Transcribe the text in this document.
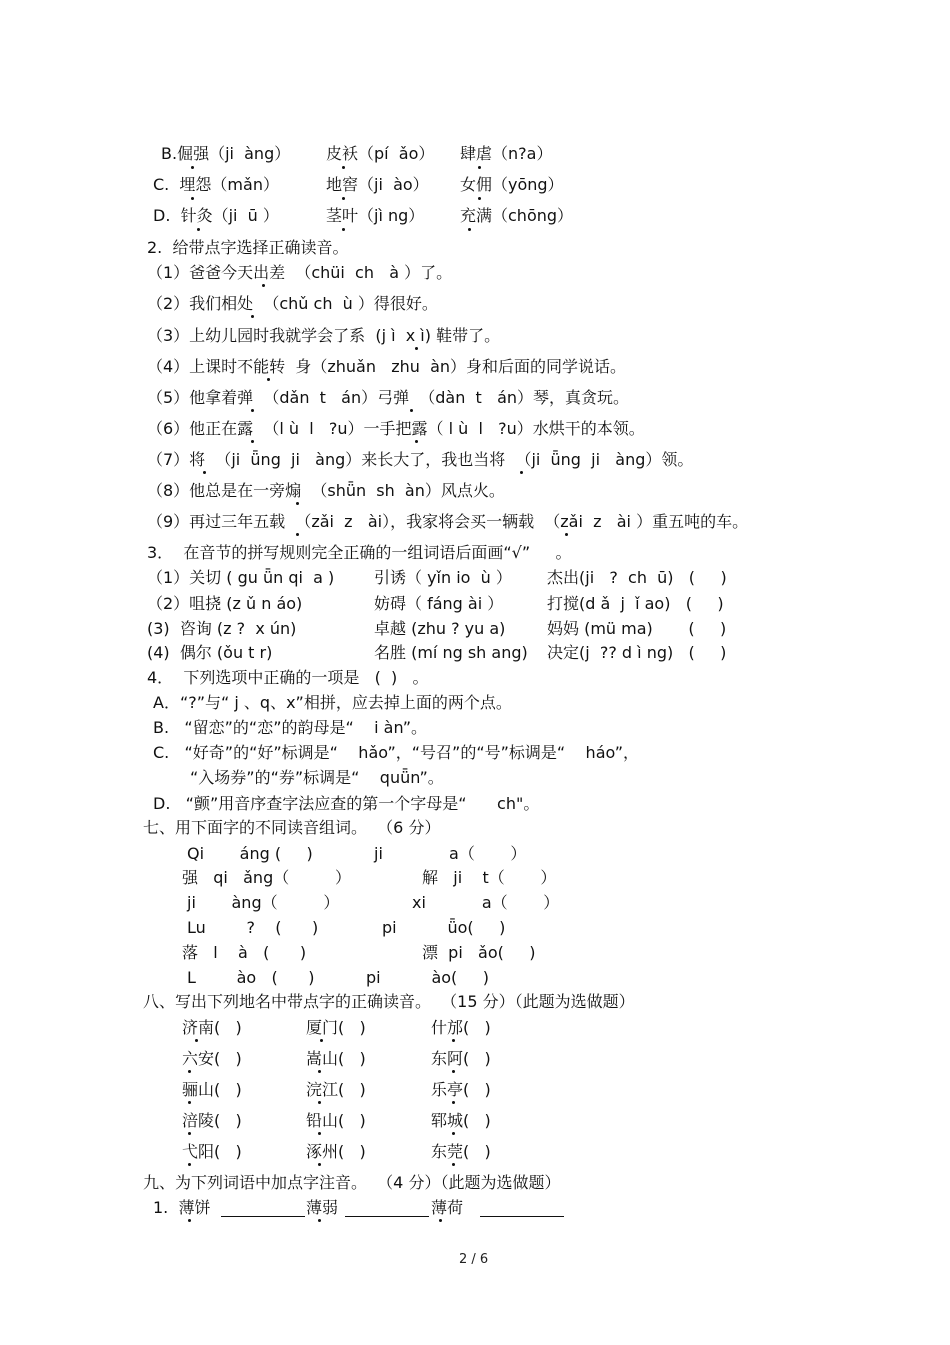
B.倔强（ji  àng） 皮袄（pí  ǎo） 肆虐（n?a）
C.  埋怨（mǎn）	地窖（ji  ào） 女佣（yōng）
D.  针灸（ji  ū ）	茎叶（jì ng） 充满（chōng）
2.  给带点字选择正确读音。
（1）爸爸今天出差  （chüi  ch   à ）了。
（2）我们相处  （chǔ ch  ù ）得很好。
（3）上幼儿园时我就学会了系  (j ì  x ì) 鞋带了。
（4）上课时不能转  身（zhuǎn   zhu  àn）身和后面的同学说话。
（5）他拿着弹  （dǎn  t   án）弓弹  （dàn  t   án）琴，真贪玩。
（6）他正在露  （l ù  l   ?u）一手把露（ l ù  l   ?u）水烘干的本领。
（7）将  （ji  ǖng  ji   àng）来长大了，我也当将  （ji  ǖng  ji   àng）领。
（8）他总是在一旁煽  （shǖn  sh  àn）风点火。
（9）再过三年五载  （zǎi  z   ài），我家将会买一辆载  （zǎi  z   ài ）重五吨的车。
3．  在音节的拼写规则完全正确的一组词语后面画“√”     。
（1）关切 ( gu ǖn qi  a ) 引诱（ yǐn io  ù ） 杰出(ji   ?  ch  ū)   (     )
（2）咀挠 (z ǔ n áo)	妨碍（ fáng ài ）	打搅(d ǎ  j  ǐ ao)   (     )
(3)  咨询 (z ?  x ún)	卓越 (zhu ? yu a)	妈妈 (mü ma)       (     )
(4)  偶尔 (ǒu t r)	名胜 (mí ng sh ang) 决定(j  ?? d ì ng)   (     )
4．  下列选项中正确的一项是   (  )   。
A．“?”与“ j 、q、x”相拼，应去掉上面的两个点。
B.   “留恋”的“恋”的韵母是“    i àn”。
C.   “好奇”的“好”标调是“    hǎo”，“号召”的“号”标调是“    háo”，
“入场券”的“券”标调是“    quǖn”。
D.   “颤”用音序查字法应查的第一个字母是“      ch"。
七、用下面字的不同读音组词。  （6 分）
Qi       áng (     )	ji             a（       ）
强   qi   ǎng（         ）	解   ji    t（       ）
ji       àng（         ）	xi           a（       ）
Lu        ?    (      )	pi          ǖo(     )
落   l    à   (      )	漂  pi   ǎo(     )
L        ào   (      )	pi          ào(     )
八、写出下列地名中带点字的正确读音。  （15 分）（此题为选做题）
济南(   )	厦门(   )	什邡(   )
六安(   )	嵩山(   )	东阿(   )
骊山(   )	浣江(   )	乐亭(   )
涪陵(   )	铅山(   )	郓城(   )
弋阳(   )	涿州(   )	东莞(   )
九、为下列词语中加点字注音。  （4 分）（此题为选做题）
1.  薄饼	薄弱	薄荷
2 / 6
